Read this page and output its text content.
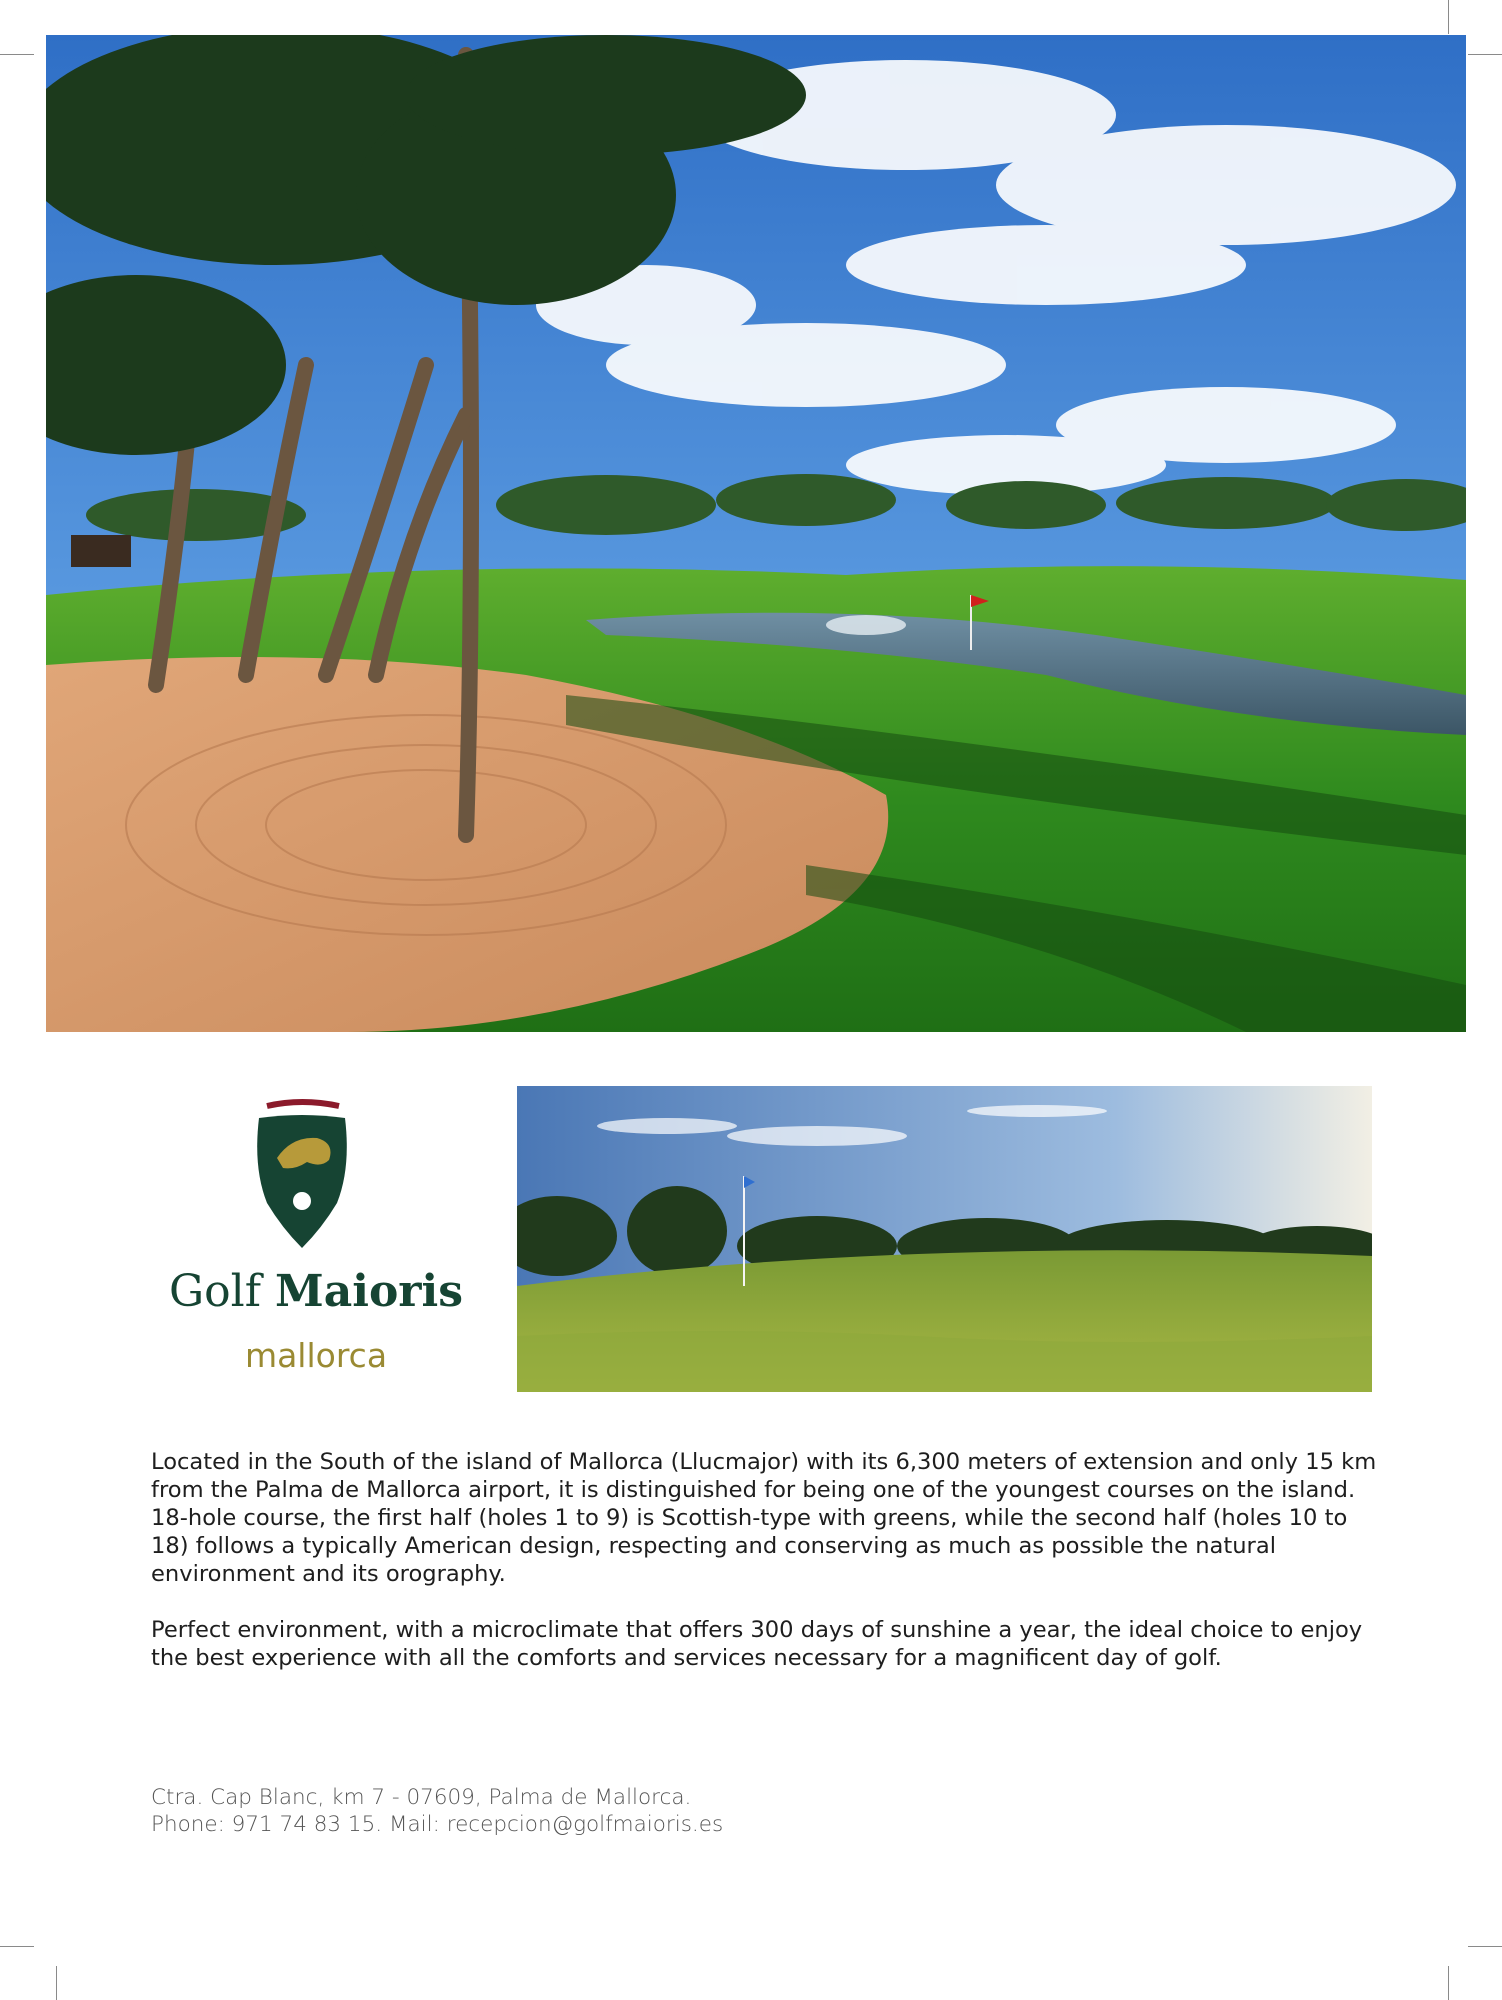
Golf Maioris
mallorca

Located in the South of the island of Mallorca (Llucmajor) with its 6,300 meters of extension and only 15 km from the Palma de Mallorca airport, it is distinguished for being one of the youngest courses on the island.

18-hole course, the first half (holes 1 to 9) is Scottish-type with greens, while the second half (holes 10 to 18) follows a typically American design, respecting and conserving as much as possible the natural environment and its orography.

Perfect environment, with a microclimate that offers 300 days of sunshine a year, the ideal choice to enjoy the best experience with all the comforts and services necessary for a magnificent day of golf.

Ctra. Cap Blanc, km 7 - 07609, Palma de Mallorca.
Phone: 971 74 83 15. Mail: recepcion@golfmaioris.es
